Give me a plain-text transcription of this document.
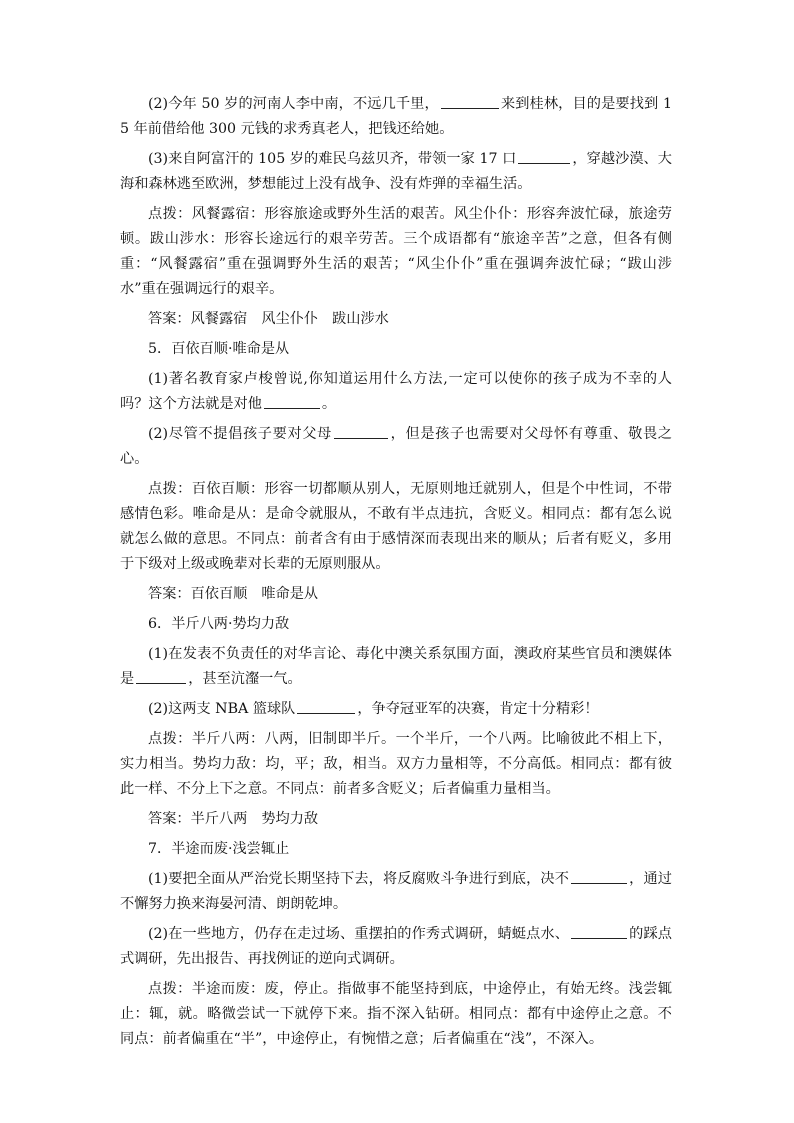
(2)今年 50 岁的河南人李中南，不远几千里，	来到桂林，目的是要找到 15 年前借给他 300 元钱的求秀真老人，把钱还给她。

(3)来自阿富汗的 105 岁的难民乌兹贝齐，带领一家 17 口	，穿越沙漠、大海和森林逃至欧洲，梦想能过上没有战争、没有炸弹的幸福生活。

点拨：风餐露宿：形容旅途或野外生活的艰苦。风尘仆仆：形容奔波忙碌，旅途劳顿。跋山涉水：形容长途远行的艰辛劳苦。三个成语都有“旅途辛苦”之意，但各有侧重：“风餐露宿”重在强调野外生活的艰苦；“风尘仆仆”重在强调奔波忙碌；“跋山涉水”重在强调远行的艰辛。

答案：风餐露宿 风尘仆仆 跋山涉水

5．百依百顺·唯命是从

(1)著名教育家卢梭曾说,你知道运用什么方法,一定可以使你的孩子成为不幸的人吗？这个方法就是对他	。

(2)尽管不提倡孩子要对父母	，但是孩子也需要对父母怀有尊重、敬畏之心。

点拨：百依百顺：形容一切都顺从别人，无原则地迁就别人，但是个中性词，不带感情色彩。唯命是从：是命令就服从，不敢有半点违抗，含贬义。相同点：都有怎么说就怎么做的意思。不同点：前者含有由于感情深而表现出来的顺从；后者有贬义，多用于下级对上级或晚辈对长辈的无原则服从。

答案：百依百顺 唯命是从

6．半斤八两·势均力敌

(1)在发表不负责任的对华言论、毒化中澳关系氛围方面，澳政府某些官员和澳媒体是	，甚至沆瀣一气。

(2)这两支 NBA 篮球队	，争夺冠亚军的决赛，肯定十分精彩！

点拨：半斤八两：八两，旧制即半斤。一个半斤，一个八两。比喻彼此不相上下，实力相当。势均力敌：均，平；敌，相当。双方力量相等，不分高低。相同点：都有彼此一样、不分上下之意。不同点：前者多含贬义；后者偏重力量相当。

答案：半斤八两 势均力敌

7．半途而废·浅尝辄止

(1)要把全面从严治党长期坚持下去，将反腐败斗争进行到底，决不	，通过不懈努力换来海晏河清、朗朗乾坤。

(2)在一些地方，仍存在走过场、重摆拍的作秀式调研，蜻蜓点水、	的踩点式调研，先出报告、再找例证的逆向式调研。

点拨：半途而废：废，停止。指做事不能坚持到底，中途停止，有始无终。浅尝辄止：辄，就。略微尝试一下就停下来。指不深入钻研。相同点：都有中途停止之意。不同点：前者偏重在“半”，中途停止，有惋惜之意；后者偏重在“浅”，不深入。
